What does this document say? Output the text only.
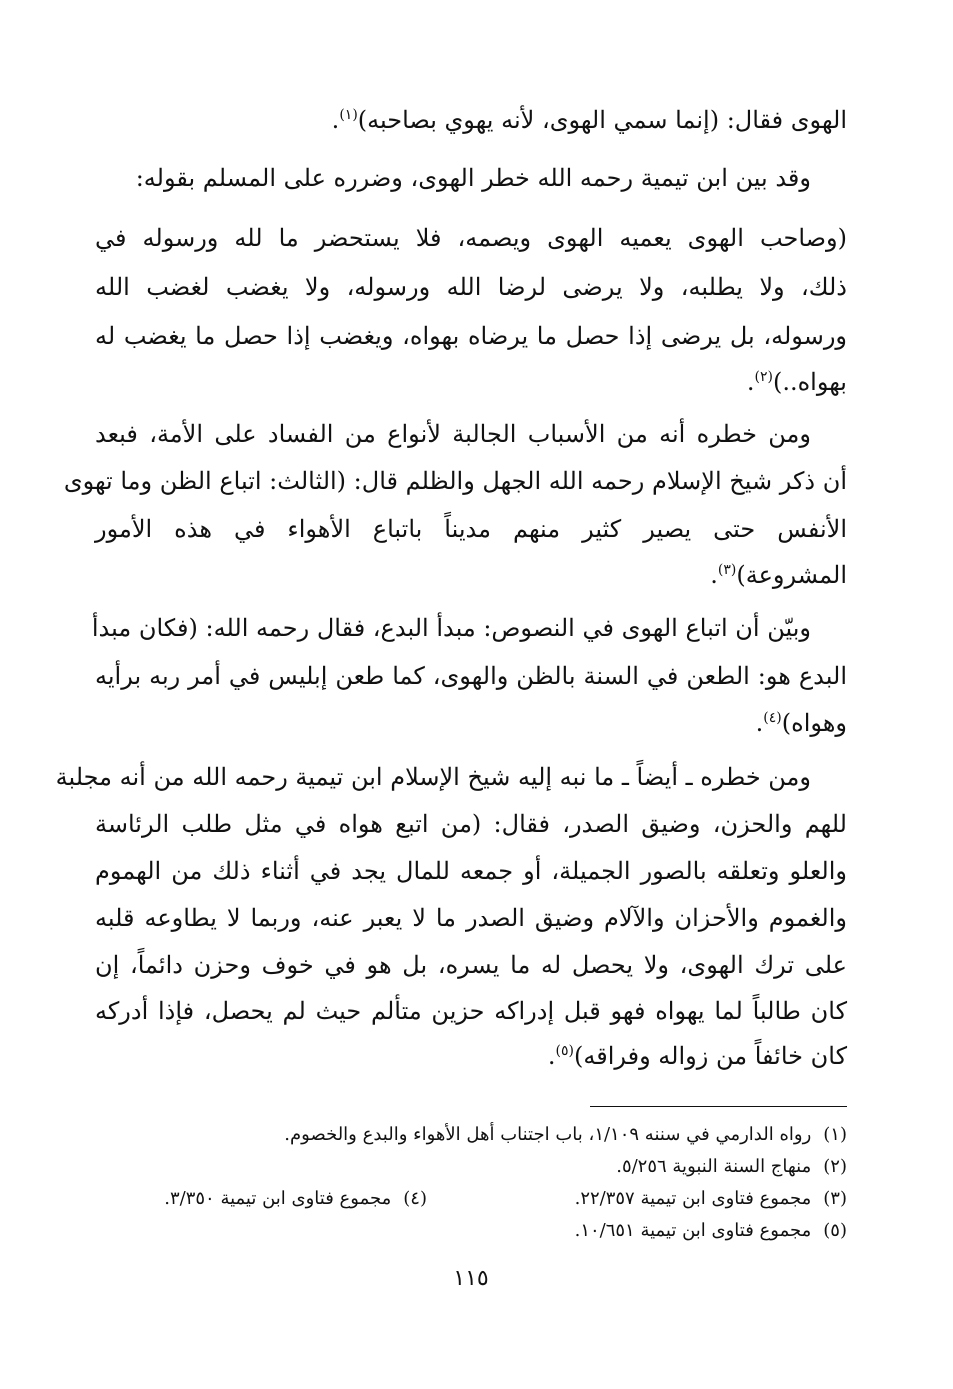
الهوى فقال: (إنما سمي الهوى، لأنه يهوي بصاحبه)$^{(١)}$.
وقد بين ابن تيمية رحمه الله خطر الهوى، وضرره على المسلم بقوله:
(وصاحب الهوى يعميه الهوى ويصمه، فلا يستحضر ما لله ورسوله في
ذلك، ولا يطلبه، ولا يرضى لرضا الله ورسوله، ولا يغضب لغضب الله
ورسوله، بل يرضى إذا حصل ما يرضاه بهواه، ويغضب إذا حصل ما يغضب له
بهواه..)$^{(٢)}$.
ومن خطره أنه من الأسباب الجالبة لأنواع من الفساد على الأمة، فبعد
أن ذكر شيخ الإسلام رحمه الله الجهل والظلم قال: (الثالث: اتباع الظن وما تهوى
الأنفس حتى يصير كثير منهم مديناً باتباع الأهواء في هذه الأمور
المشروعة)$^{(٣)}$.
وبيّن أن اتباع الهوى في النصوص: مبدأ البدع، فقال رحمه الله: (فكان مبدأ
البدع هو: الطعن في السنة بالظن والهوى، كما طعن إبليس في أمر ربه برأيه
وهواه)$^{(٤)}$.
ومن خطره ـ أيضاً ـ ما نبه إليه شيخ الإسلام ابن تيمية رحمه الله من أنه مجلبة
للهم والحزن، وضيق الصدر، فقال: (من اتبع هواه في مثل طلب الرئاسة
والعلو وتعلقه بالصور الجميلة، أو جمعه للمال يجد في أثناء ذلك من الهموم
والغموم والأحزان والآلام وضيق الصدر ما لا يعبر عنه، وربما لا يطاوعه قلبه
على ترك الهوى، ولا يحصل له ما يسره، بل هو في خوف وحزن دائماً، إن
كان طالباً لما يهواه فهو قبل إدراكه حزين متألم حيث لم يحصل، فإذا أدركه
كان خائفاً من زواله وفراقه)$^{(٥)}$.
(١)رواه الدارمي في سننه ١/١٠٩، باب اجتناب أهل الأهواء والبدع والخصوم.
(٢)منهاج السنة النبوية ٥/٢٥٦.
(٣)مجموع فتاوى ابن تيمية ٢٢/٣٥٧.
(٤)مجموع فتاوى ابن تيمية ٣/٣٥٠.
(٥)مجموع فتاوى ابن تيمية ١٠/٦٥١.
١١٥
